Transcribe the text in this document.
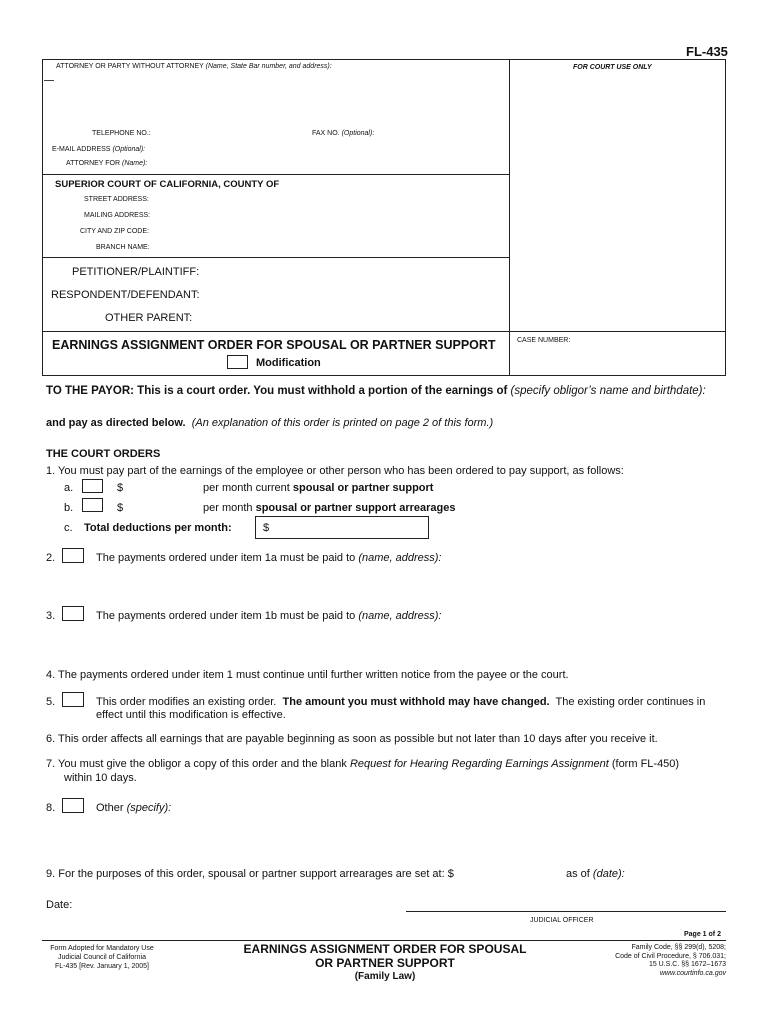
FL-435
ATTORNEY OR PARTY WITHOUT ATTORNEY (Name, State Bar number, and address):	FOR COURT USE ONLY
TELEPHONE NO.:	FAX NO. (Optional):
E-MAIL ADDRESS (Optional):
ATTORNEY FOR (Name):
SUPERIOR COURT OF CALIFORNIA, COUNTY OF
STREET ADDRESS:
MAILING ADDRESS:
CITY AND ZIP CODE:
BRANCH NAME:
PETITIONER/PLAINTIFF:
RESPONDENT/DEFENDANT:
OTHER PARENT:
EARNINGS ASSIGNMENT ORDER FOR SPOUSAL OR PARTNER SUPPORT
Modification
CASE NUMBER:
TO THE PAYOR: This is a court order. You must withhold a portion of the earnings of (specify obligor’s name and birthdate):
and pay as directed below. (An explanation of this order is printed on page 2 of this form.)
THE COURT ORDERS
1. You must pay part of the earnings of the employee or other person who has been ordered to pay support, as follows:
a.	$	per month current spousal or partner support
b.	$	per month spousal or partner support arrearages
c. Total deductions per month:	$
2.	The payments ordered under item 1a must be paid to (name, address):
3.	The payments ordered under item 1b must be paid to (name, address):
4. The payments ordered under item 1 must continue until further written notice from the payee or the court.
5.	This order modifies an existing order. The amount you must withhold may have changed. The existing order continues in
effect until this modification is effective.
6. This order affects all earnings that are payable beginning as soon as possible but not later than 10 days after you receive it.
7. You must give the obligor a copy of this order and the blank Request for Hearing Regarding Earnings Assignment (form FL-450)
within 10 days.
8.	Other (specify):
9. For the purposes of this order, spousal or partner support arrearages are set at: $	as of (date):
Date:
JUDICIAL OFFICER
Page 1 of 2
Form Adopted for Mandatory Use
Judicial Council of California
FL-435 [Rev. January 1, 2005]
EARNINGS ASSIGNMENT ORDER FOR SPOUSAL
OR PARTNER SUPPORT
(Family Law)
Family Code, §§ 299(d), 5208;
Code of Civil Procedure, § 706.031;
15 U.S.C. §§ 1672–1673
www.courtinfo.ca.gov
